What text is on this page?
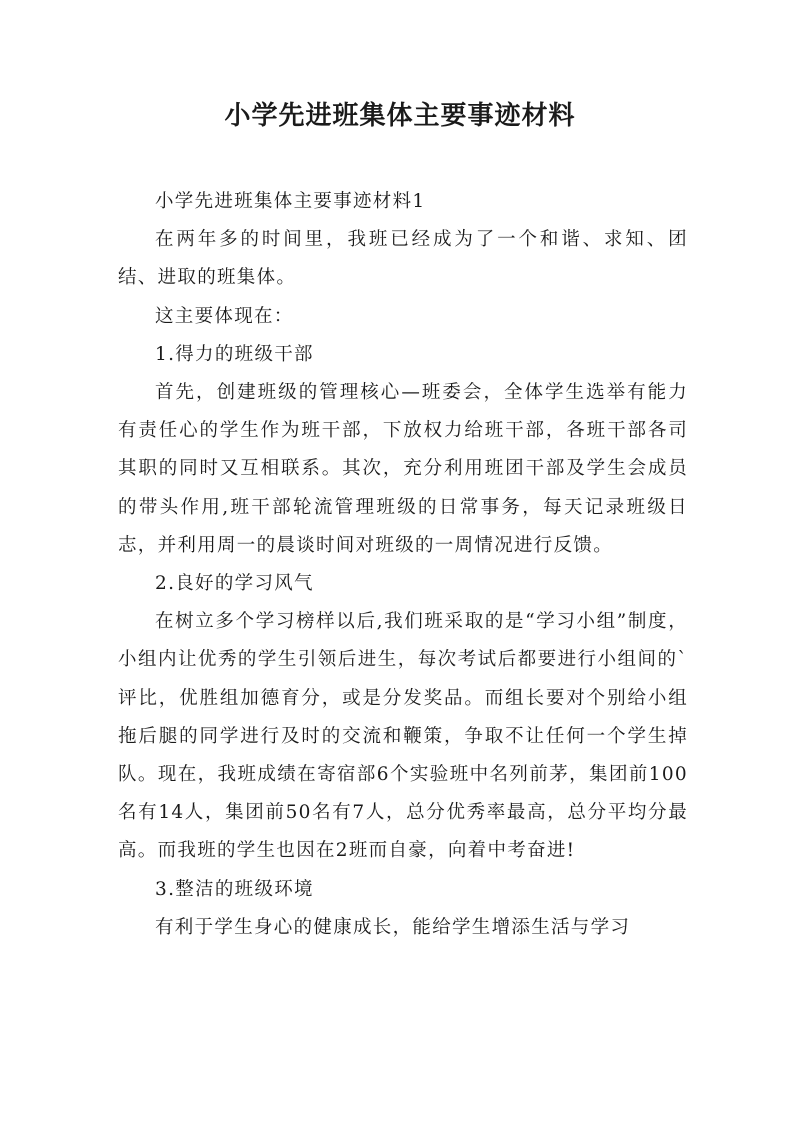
小学先进班集体主要事迹材料

小学先进班集体主要事迹材料1

在两年多的时间里，我班已经成为了一个和谐、求知、团结、进取的班集体。

这主要体现在：

1.得力的班级干部

首先，创建班级的管理核心—班委会，全体学生选举有能力有责任心的学生作为班干部，下放权力给班干部，各班干部各司其职的同时又互相联系。其次，充分利用班团干部及学生会成员的带头作用,班干部轮流管理班级的日常事务，每天记录班级日志，并利用周一的晨谈时间对班级的一周情况进行反馈。

2.良好的学习风气

在树立多个学习榜样以后,我们班采取的是“学习小组”制度，小组内让优秀的学生引领后进生，每次考试后都要进行小组间的`评比，优胜组加德育分，或是分发奖品。而组长要对个别给小组拖后腿的同学进行及时的交流和鞭策，争取不让任何一个学生掉队。现在，我班成绩在寄宿部6个实验班中名列前茅，集团前100名有14人，集团前50名有7人，总分优秀率最高，总分平均分最高。而我班的学生也因在2班而自豪，向着中考奋进!

3.整洁的班级环境

有利于学生身心的健康成长，能给学生增添生活与学习
